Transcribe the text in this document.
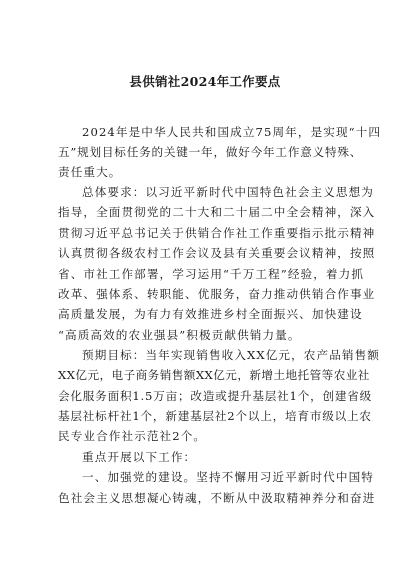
县供销社2024年工作要点

2024年是中华人民共和国成立75周年，是实现“十四

五”规划目标任务的关键一年，做好今年工作意义特殊、

责任重大。

总体要求：以习近平新时代中国特色社会主义思想为

指导，全面贯彻党的二十大和二十届二中全会精神，深入

贯彻习近平总书记关于供销合作社工作重要指示批示精神

认真贯彻各级农村工作会议及县有关重要会议精神，按照

省、市社工作部署，学习运用“千万工程”经验，着力抓

改革、强体系、转职能、优服务，奋力推动供销合作事业

高质量发展，为有力有效推进乡村全面振兴、加快建设

“高质高效的农业强县”积极贡献供销力量。

预期目标：当年实现销售收入XX亿元，农产品销售额

XX亿元，电子商务销售额XX亿元，新增土地托管等农业社

会化服务面积1.5万亩；改造或提升基层社1个，创建省级

基层社标杆社1个，新建基层社2个以上，培育市级以上农

民专业合作社示范社2个。

重点开展以下工作：

一、加强党的建设。坚持不懈用习近平新时代中国特

色社会主义思想凝心铸魂，不断从中汲取精神养分和奋进
